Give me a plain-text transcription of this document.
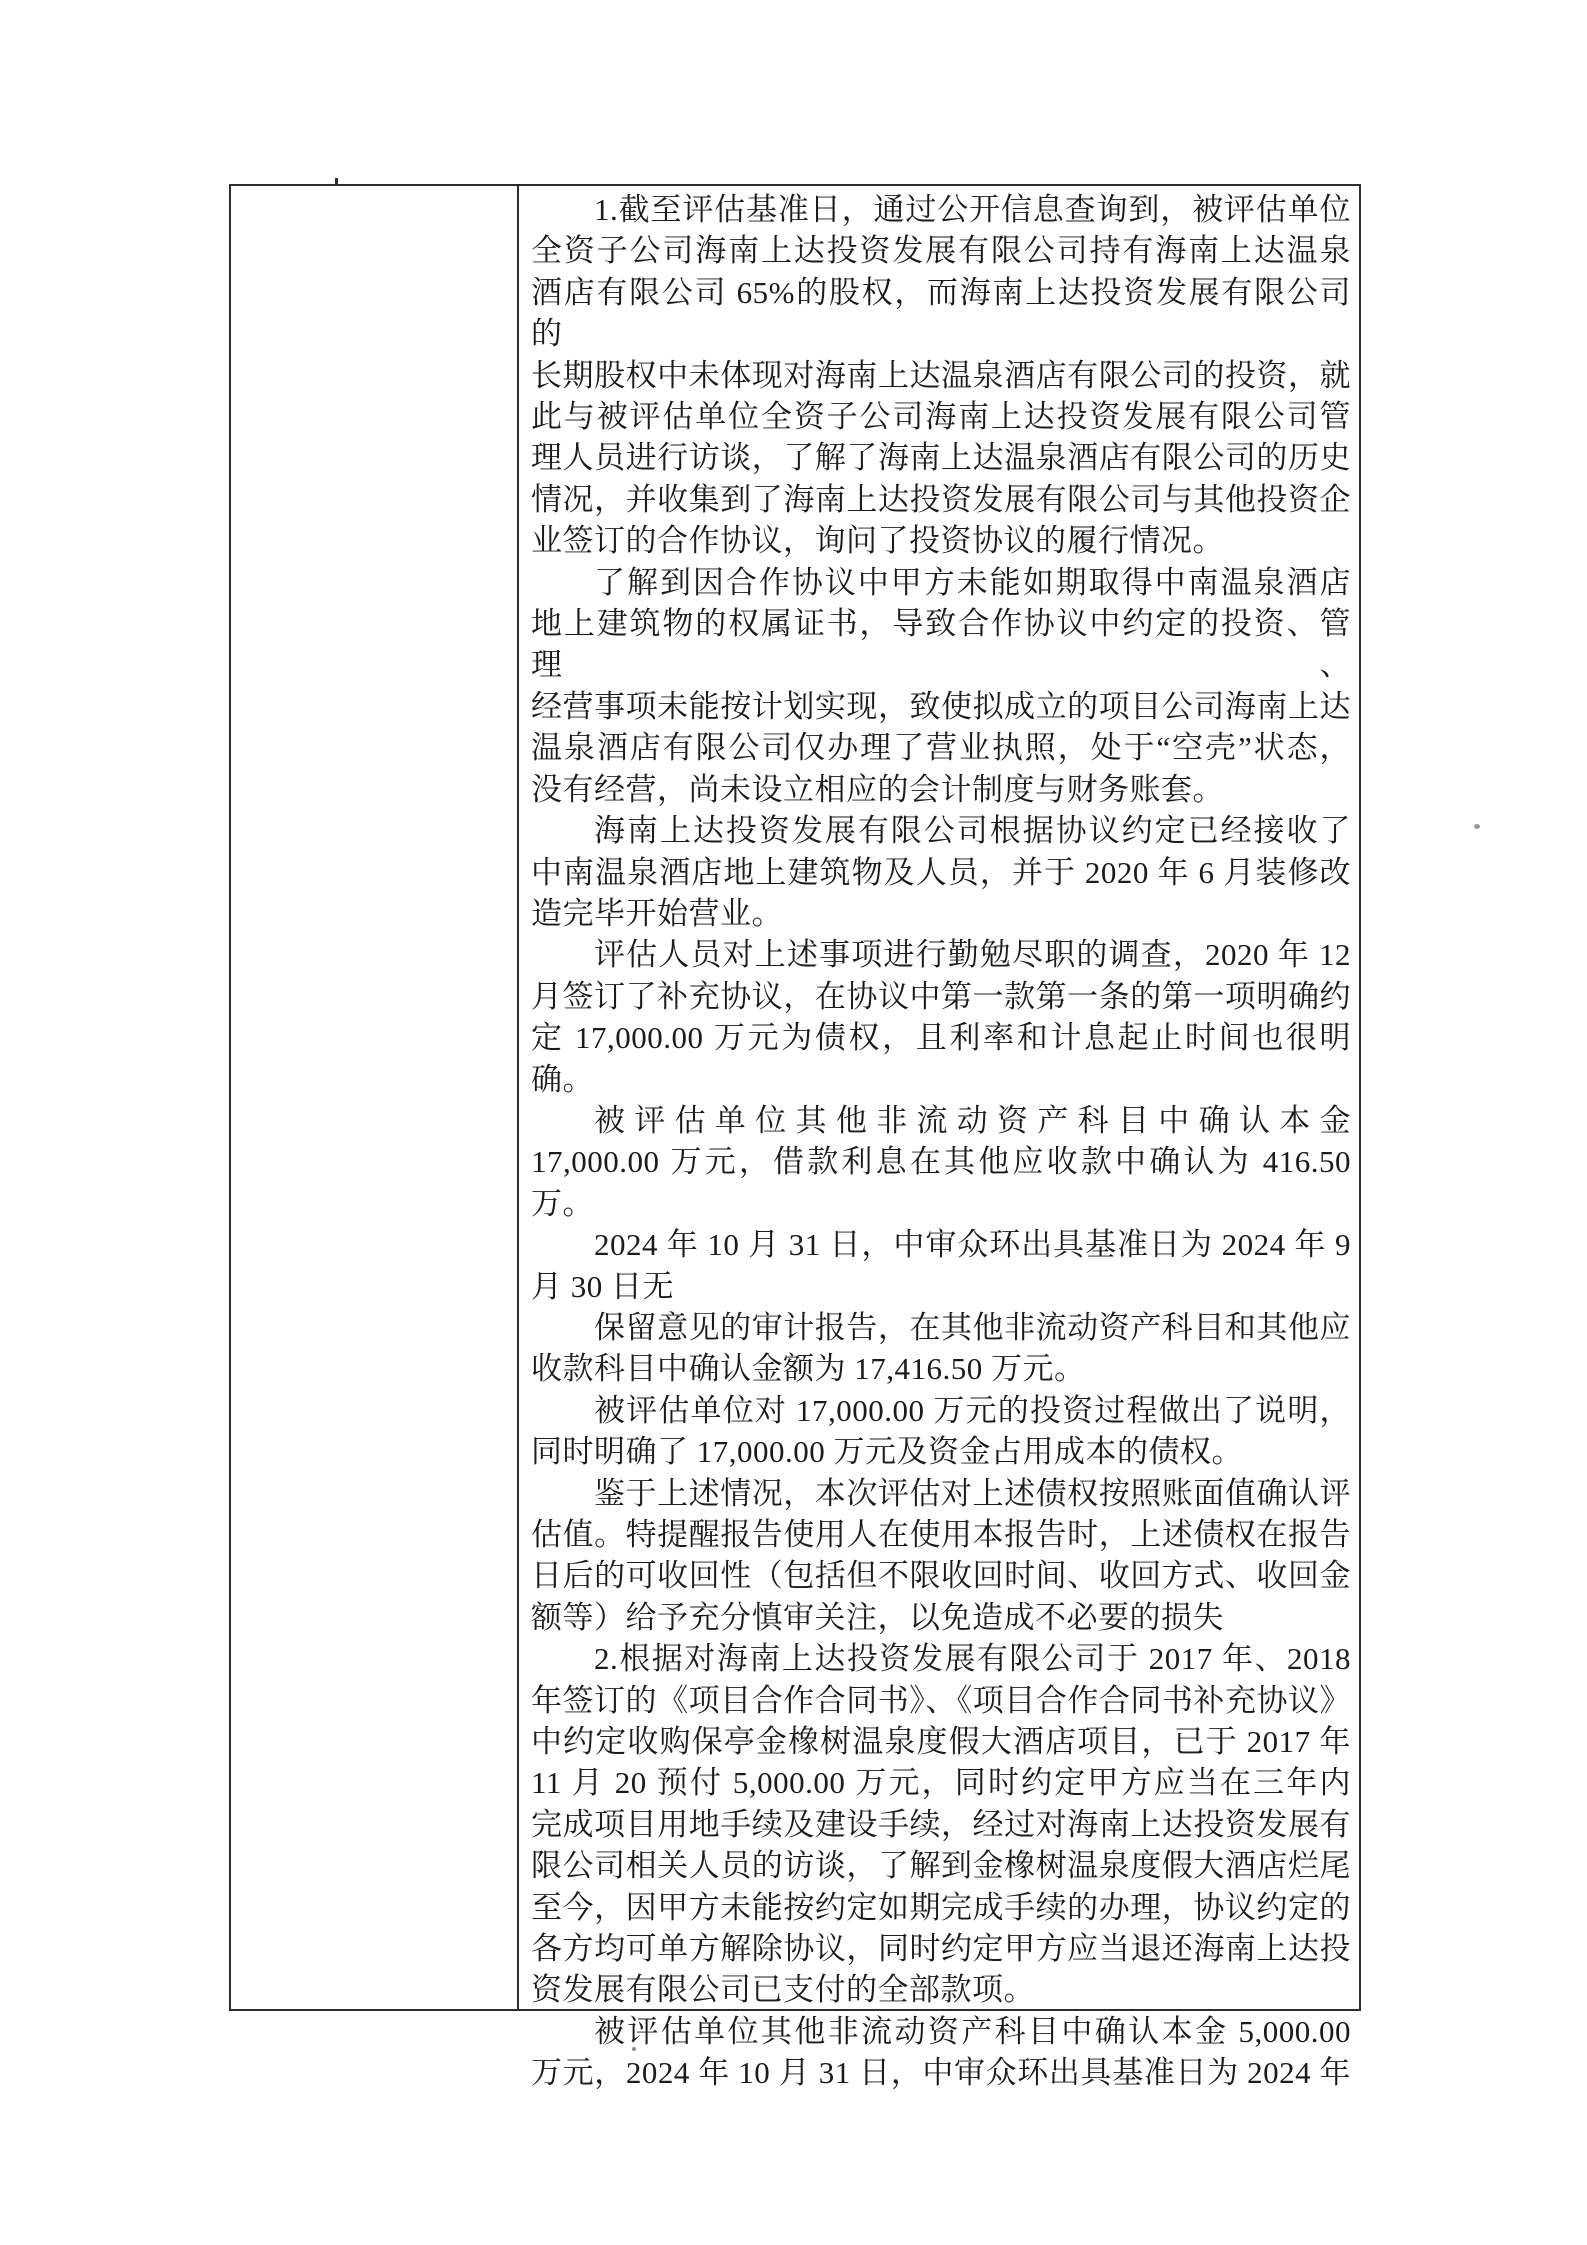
1.截至评估基准日，通过公开信息查询到，被评估单位
全资子公司海南上达投资发展有限公司持有海南上达温泉
酒店有限公司 65%的股权，而海南上达投资发展有限公司的
长期股权中未体现对海南上达温泉酒店有限公司的投资，就
此与被评估单位全资子公司海南上达投资发展有限公司管
理人员进行访谈，了解了海南上达温泉酒店有限公司的历史
情况，并收集到了海南上达投资发展有限公司与其他投资企
业签订的合作协议，询问了投资协议的履行情况。
了解到因合作协议中甲方未能如期取得中南温泉酒店
地上建筑物的权属证书，导致合作协议中约定的投资、管理、
经营事项未能按计划实现，致使拟成立的项目公司海南上达
温泉酒店有限公司仅办理了营业执照，处于“空壳”状态，
没有经营，尚未设立相应的会计制度与财务账套。
海南上达投资发展有限公司根据协议约定已经接收了
中南温泉酒店地上建筑物及人员，并于 2020 年 6 月装修改
造完毕开始营业。
评估人员对上述事项进行勤勉尽职的调查，2020 年 12
月签订了补充协议，在协议中第一款第一条的第一项明确约
定 17,000.00 万元为债权，且利率和计息起止时间也很明
确。
被评估单位其他非流动资产科目中确认本金
17,000.00 万元，借款利息在其他应收款中确认为 416.50
万。
2024 年 10 月 31 日，中审众环出具基准日为 2024 年 9
月 30 日无
保留意见的审计报告，在其他非流动资产科目和其他应
收款科目中确认金额为 17,416.50 万元。
被评估单位对 17,000.00 万元的投资过程做出了说明，
同时明确了 17,000.00 万元及资金占用成本的债权。
鉴于上述情况，本次评估对上述债权按照账面值确认评
估值。特提醒报告使用人在使用本报告时，上述债权在报告
日后的可收回性（包括但不限收回时间、收回方式、收回金
额等）给予充分慎审关注，以免造成不必要的损失
2.根据对海南上达投资发展有限公司于 2017 年、2018
年签订的《项目合作合同书》、《项目合作合同书补充协议》
中约定收购保亭金橡树温泉度假大酒店项目，已于 2017 年
11 月 20 预付 5,000.00 万元，同时约定甲方应当在三年内
完成项目用地手续及建设手续，经过对海南上达投资发展有
限公司相关人员的访谈，了解到金橡树温泉度假大酒店烂尾
至今，因甲方未能按约定如期完成手续的办理，协议约定的
各方均可单方解除协议，同时约定甲方应当退还海南上达投
资发展有限公司已支付的全部款项。
被评估单位其他非流动资产科目中确认本金 5,000.00
万元，2024 年 10 月 31 日，中审众环出具基准日为 2024 年
